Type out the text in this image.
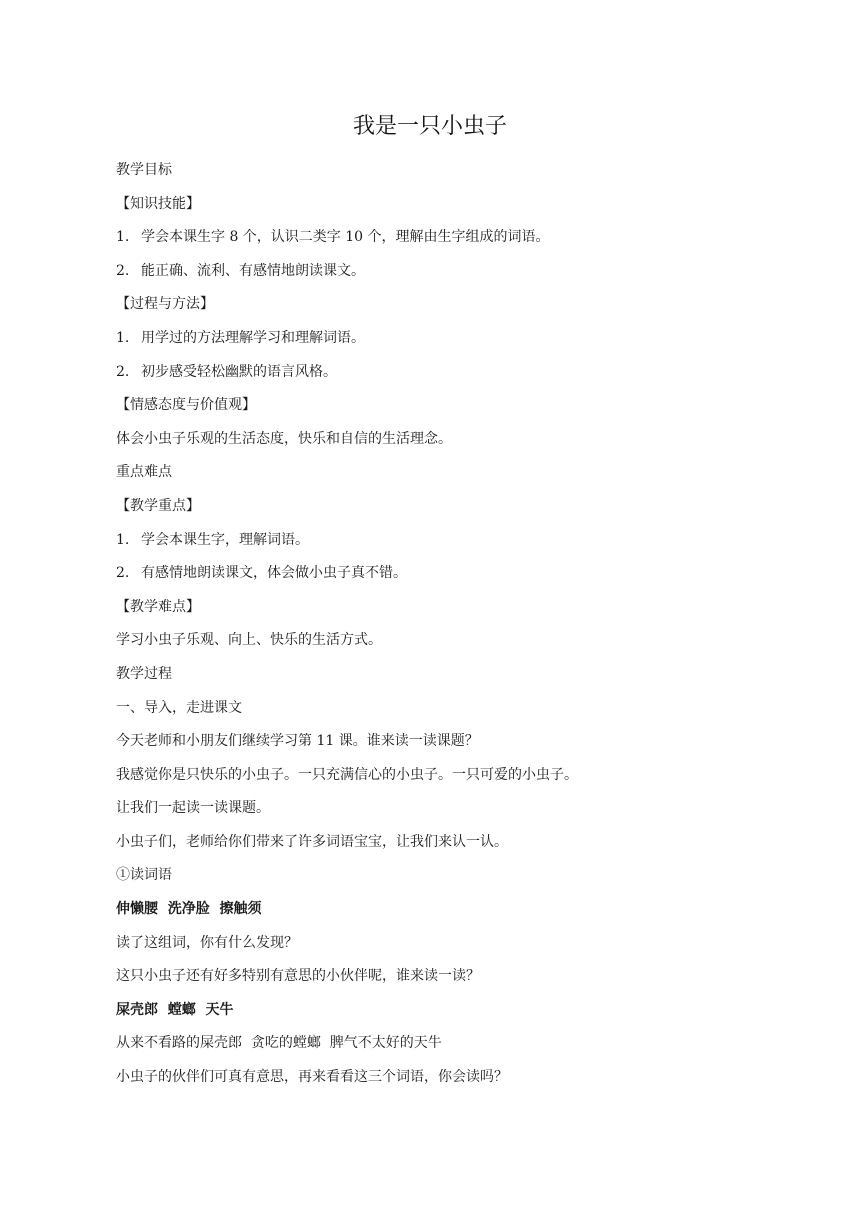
我是一只小虫子
教学目标
【知识技能】
1. 学会本课生字 8 个，认识二类字 10 个，理解由生字组成的词语。
2. 能正确、流利、有感情地朗读课文。
【过程与方法】
1. 用学过的方法理解学习和理解词语。
2. 初步感受轻松幽默的语言风格。
【情感态度与价值观】
体会小虫子乐观的生活态度，快乐和自信的生活理念。
重点难点
【教学重点】
1. 学会本课生字，理解词语。
2. 有感情地朗读课文，体会做小虫子真不错。
【教学难点】
学习小虫子乐观、向上、快乐的生活方式。
教学过程
一、导入，走进课文
今天老师和小朋友们继续学习第 11 课。谁来读一读课题？
我感觉你是只快乐的小虫子。一只充满信心的小虫子。一只可爱的小虫子。
让我们一起读一读课题。
小虫子们，老师给你们带来了许多词语宝宝，让我们来认一认。
①读词语
伸懒腰  洗净脸  擦触须
读了这组词，你有什么发现？
这只小虫子还有好多特别有意思的小伙伴呢，谁来读一读？
屎壳郎  螳螂  天牛
从来不看路的屎壳郎  贪吃的螳螂  脾气不太好的天牛
小虫子的伙伴们可真有意思，再来看看这三个词语，你会读吗？
